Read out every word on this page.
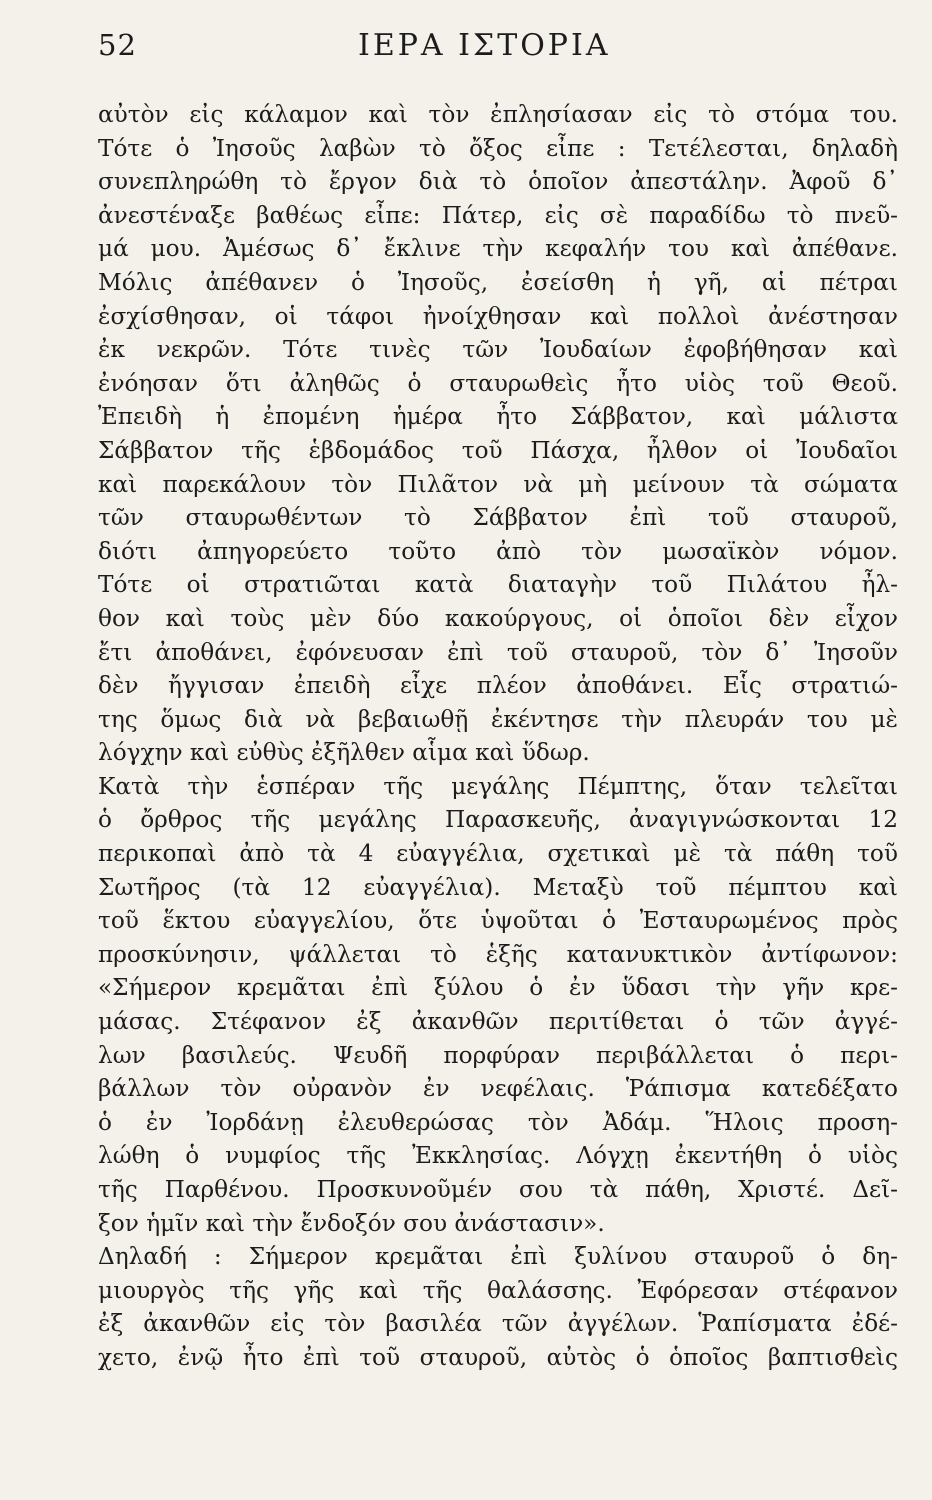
52	ΙΕΡΑ ΙΣΤΟΡΙΑ
αὐτὸν εἰς κάλαμον καὶ τὸν ἐπλησίασαν εἰς τὸ στόμα του.
Τότε ὁ Ἰησοῦς λαβὼν τὸ ὄξος εἶπε : Τετέλεσται, δηλαδὴ
συνεπληρώθη τὸ ἔργον διὰ τὸ ὁποῖον ἀπεστάλην. Ἀφοῦ δ᾽
ἀνεστέναξε βαθέως εἶπε: Πάτερ, εἰς σὲ παραδίδω τὸ πνεῦ-
μά μου. Ἀμέσως δ᾽ ἔκλινε τὴν κεφαλήν του καὶ ἀπέθανε.
Μόλις ἀπέθανεν ὁ Ἰησοῦς, ἐσείσθη ἡ γῆ, αἱ πέτραι
ἐσχίσθησαν, οἱ τάφοι ἠνοίχθησαν καὶ πολλοὶ ἀνέστησαν
ἐκ νεκρῶν. Τότε τινὲς τῶν Ἰουδαίων ἐφοβήθησαν καὶ
ἐνόησαν ὅτι ἀληθῶς ὁ σταυρωθεὶς ἦτο υἱὸς τοῦ Θεοῦ.
Ἐπειδὴ ἡ ἐπομένη ἡμέρα ἦτο Σάββατον, καὶ μάλιστα
Σάββατον τῆς ἑβδομάδος τοῦ Πάσχα, ἦλθον οἱ Ἰουδαῖοι
καὶ παρεκάλουν τὸν Πιλᾶτον νὰ μὴ μείνουν τὰ σώματα
τῶν σταυρωθέντων τὸ Σάββατον ἐπὶ τοῦ σταυροῦ,
διότι ἀπηγορεύετο τοῦτο ἀπὸ τὸν μωσαϊκὸν νόμον.
Τότε οἱ στρατιῶται κατὰ διαταγὴν τοῦ Πιλάτου ἦλ-
θον καὶ τοὺς μὲν δύο κακούργους, οἱ ὁποῖοι δὲν εἶχον
ἔτι ἀποθάνει, ἐφόνευσαν ἐπὶ τοῦ σταυροῦ, τὸν δ᾽ Ἰησοῦν
δὲν ἤγγισαν ἐπειδὴ εἶχε πλέον ἀποθάνει. Εἷς στρατιώ-
της ὅμως διὰ νὰ βεβαιωθῇ ἐκέντησε τὴν πλευράν του μὲ
λόγχην καὶ εὐθὺς ἐξῆλθεν αἷμα καὶ ὕδωρ.
Κατὰ τὴν ἑσπέραν τῆς μεγάλης Πέμπτης, ὅταν τελεῖται
ὁ ὄρθρος τῆς μεγάλης Παρασκευῆς, ἀναγιγνώσκονται 12
περικοπαὶ ἀπὸ τὰ 4 εὐαγγέλια, σχετικαὶ μὲ τὰ πάθη τοῦ
Σωτῆρος (τὰ 12 εὐαγγέλια). Μεταξὺ τοῦ πέμπτου καὶ
τοῦ ἕκτου εὐαγγελίου, ὅτε ὑψοῦται ὁ Ἐσταυρωμένος πρὸς
προσκύνησιν, ψάλλεται τὸ ἑξῆς κατανυκτικὸν ἀντίφωνον:
«Σήμερον κρεμᾶται ἐπὶ ξύλου ὁ ἐν ὕδασι τὴν γῆν κρε-
μάσας. Στέφανον ἐξ ἀκανθῶν περιτίθεται ὁ τῶν ἀγγέ-
λων βασιλεύς. Ψευδῆ πορφύραν περιβάλλεται ὁ περι-
βάλλων τὸν οὐρανὸν ἐν νεφέλαις. Ῥάπισμα κατεδέξατο
ὁ ἐν Ἰορδάνῃ ἐλευθερώσας τὸν Ἀδάμ. Ἥλοις προση-
λώθη ὁ νυμφίος τῆς Ἐκκλησίας. Λόγχῃ ἐκεντήθη ὁ υἱὸς
τῆς Παρθένου. Προσκυνοῦμέν σου τὰ πάθη, Χριστέ. Δεῖ-
ξον ἡμῖν καὶ τὴν ἔνδοξόν σου ἀνάστασιν».
Δηλαδή : Σήμερον κρεμᾶται ἐπὶ ξυλίνου σταυροῦ ὁ δη-
μιουργὸς τῆς γῆς καὶ τῆς θαλάσσης. Ἐφόρεσαν στέφανον
ἐξ ἀκανθῶν εἰς τὸν βασιλέα τῶν ἀγγέλων. Ῥαπίσματα ἐδέ-
χετο, ἐνῷ ἦτο ἐπὶ τοῦ σταυροῦ, αὐτὸς ὁ ὁποῖος βαπτισθεὶς
